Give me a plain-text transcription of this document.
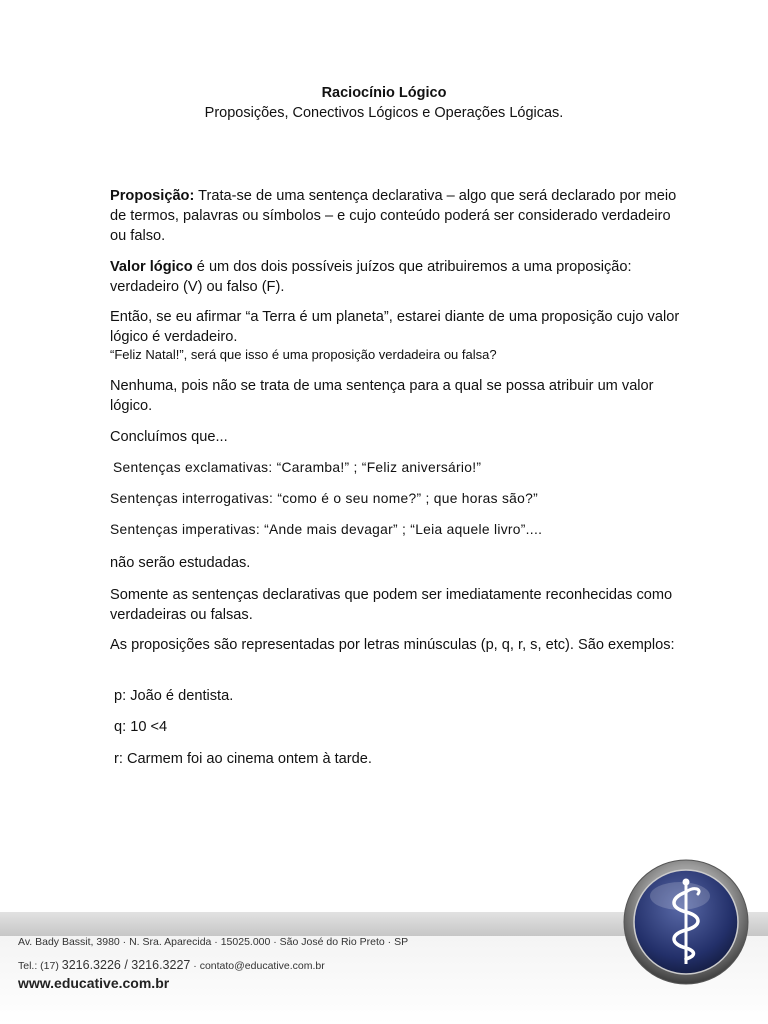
Raciocínio Lógico
Proposições, Conectivos Lógicos e Operações Lógicas.
Proposição: Trata-se de uma sentença declarativa – algo que será declarado por meio de termos, palavras ou símbolos – e cujo conteúdo poderá ser considerado verdadeiro ou falso.
Valor lógico é um dos dois possíveis juízos que atribuiremos a uma proposição: verdadeiro (V) ou falso (F).
Então, se eu afirmar “a Terra é um planeta”, estarei diante de uma proposição cujo valor lógico é verdadeiro.
“Feliz Natal!”, será que isso é uma proposição verdadeira ou falsa?
Nenhuma, pois não se trata de uma sentença para a qual se possa atribuir um valor lógico.
Concluímos que...
Sentenças exclamativas: “Caramba!” ; “Feliz aniversário!”
Sentenças interrogativas: “como é o seu nome?” ; que horas são?”
Sentenças imperativas: “Ande mais devagar” ; “Leia aquele livro”....
não serão estudadas.
Somente as sentenças declarativas que podem ser imediatamente reconhecidas como verdadeiras ou falsas.
As proposições são representadas por letras minúsculas (p, q, r, s, etc). São exemplos:
p: João é dentista.
q: 10 <4
r: Carmem foi ao cinema ontem à tarde.
Av. Bady Bassit, 3980 · N. Sra. Aparecida · 15025.000 · São José do Rio Preto · SP
Tel.: (17) 3216.3226 / 3216.3227 · contato@educative.com.br
www.educative.com.br
